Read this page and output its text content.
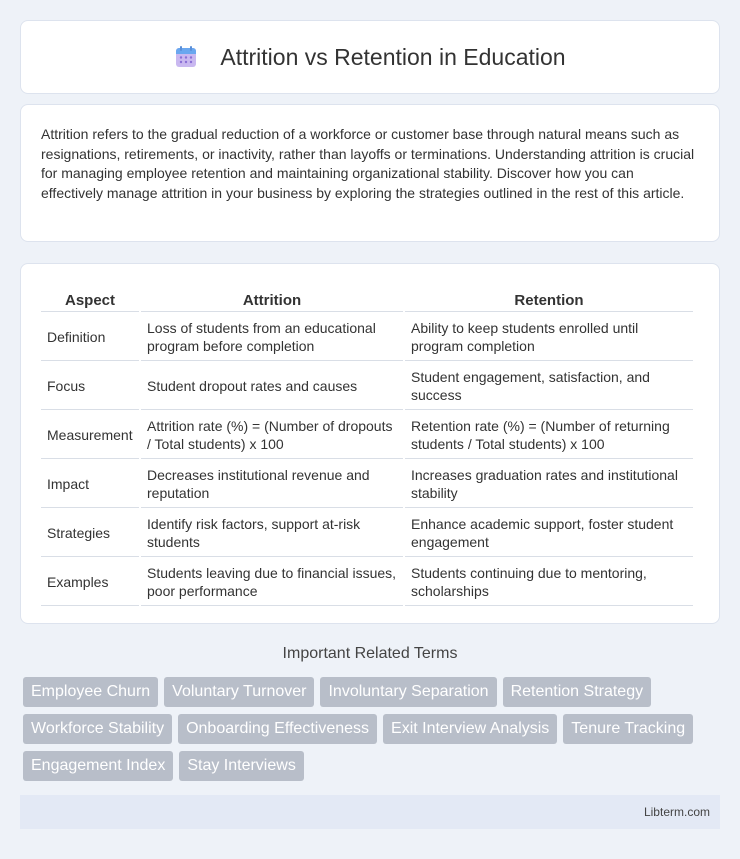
Attrition vs Retention in Education

Attrition refers to the gradual reduction of a workforce or customer base through natural means such as resignations, retirements, or inactivity, rather than layoffs or terminations. Understanding attrition is crucial for managing employee retention and maintaining organizational stability. Discover how you can effectively manage attrition in your business by exploring the strategies outlined in the rest of this article.

Aspect	Attrition	Retention
Definition	Loss of students from an educational program before completion	Ability to keep students enrolled until program completion
Focus	Student dropout rates and causes	Student engagement, satisfaction, and success
Measurement	Attrition rate (%) = (Number of dropouts / Total students) x 100	Retention rate (%) = (Number of returning students / Total students) x 100
Impact	Decreases institutional revenue and reputation	Increases graduation rates and institutional stability
Strategies	Identify risk factors, support at-risk students	Enhance academic support, foster student engagement
Examples	Students leaving due to financial issues, poor performance	Students continuing due to mentoring, scholarships
Important Related Terms
Employee Churn	Voluntary Turnover	Involuntary Separation	Retention Strategy
Workforce Stability	Onboarding Effectiveness	Exit Interview Analysis	Tenure Tracking
Engagement Index	Stay Interviews
Libterm.com
